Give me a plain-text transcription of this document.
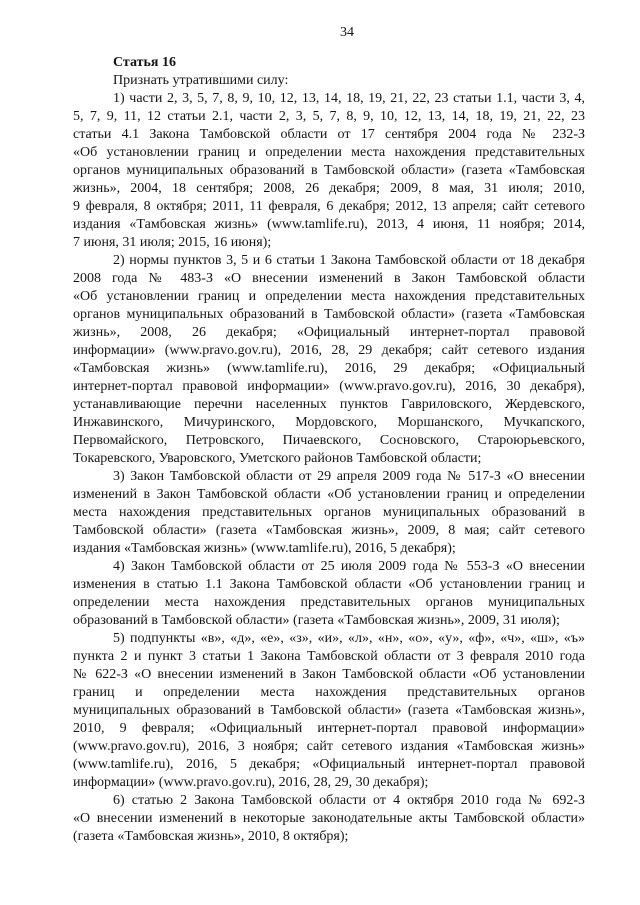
34
Статья 16
Признать утратившими силу:
1) части 2, 3, 5, 7, 8, 9, 10, 12, 13, 14, 18, 19, 21, 22, 23 статьи 1.1, части 3, 4,
5, 7, 9, 11, 12 статьи 2.1, части 2, 3, 5, 7, 8, 9, 10, 12, 13, 14, 18, 19, 21, 22, 23
статьи 4.1 Закона Тамбовской области от 17 сентября 2004 года № 232-З
«Об установлении границ и определении места нахождения представительных
органов муниципальных образований в Тамбовской области» (газета «Тамбовская
жизнь», 2004, 18 сентября; 2008, 26 декабря; 2009, 8 мая, 31 июля; 2010,
9 февраля, 8 октября; 2011, 11 февраля, 6 декабря; 2012, 13 апреля; сайт сетевого
издания «Тамбовская жизнь» (www.tamlife.ru), 2013, 4 июня, 11 ноября; 2014,
7 июня, 31 июля; 2015, 16 июня);
2) нормы пунктов 3, 5 и 6 статьи 1 Закона Тамбовской области от 18 декабря
2008 года № 483-З «О внесении изменений в Закон Тамбовской области
«Об установлении границ и определении места нахождения представительных
органов муниципальных образований в Тамбовской области» (газета «Тамбовская
жизнь», 2008, 26 декабря; «Официальный интернет-портал правовой
информации» (www.pravo.gov.ru), 2016, 28, 29 декабря; сайт сетевого издания
«Тамбовская жизнь» (www.tamlife.ru), 2016, 29 декабря; «Официальный
интернет-портал правовой информации» (www.pravo.gov.ru), 2016, 30 декабря),
устанавливающие перечни населенных пунктов Гавриловского, Жердевского,
Инжавинского, Мичуринского, Мордовского, Моршанского, Мучкапского,
Первомайского, Петровского, Пичаевского, Сосновского, Староюрьевского,
Токаревского, Уваровского, Уметского районов Тамбовской области;
3) Закон Тамбовской области от 29 апреля 2009 года № 517-З «О внесении
изменений в Закон Тамбовской области «Об установлении границ и определении
места нахождения представительных органов муниципальных образований в
Тамбовской области» (газета «Тамбовская жизнь», 2009, 8 мая; сайт сетевого
издания «Тамбовская жизнь» (www.tamlife.ru), 2016, 5 декабря);
4) Закон Тамбовской области от 25 июля 2009 года № 553-З «О внесении
изменения в статью 1.1 Закона Тамбовской области «Об установлении границ и
определении места нахождения представительных органов муниципальных
образований в Тамбовской области» (газета «Тамбовская жизнь», 2009, 31 июля);
5) подпункты «в», «д», «е», «з», «и», «л», «н», «о», «у», «ф», «ч», «ш», «ъ»
пункта 2 и пункт 3 статьи 1 Закона Тамбовской области от 3 февраля 2010 года
№ 622-З «О внесении изменений в Закон Тамбовской области «Об установлении
границ и определении места нахождения представительных органов
муниципальных образований в Тамбовской области» (газета «Тамбовская жизнь»,
2010, 9 февраля; «Официальный интернет-портал правовой информации»
(www.pravo.gov.ru), 2016, 3 ноября; сайт сетевого издания «Тамбовская жизнь»
(www.tamlife.ru), 2016, 5 декабря; «Официальный интернет-портал правовой
информации» (www.pravo.gov.ru), 2016, 28, 29, 30 декабря);
6) статью 2 Закона Тамбовской области от 4 октября 2010 года № 692-З
«О внесении изменений в некоторые законодательные акты Тамбовской области»
(газета «Тамбовская жизнь», 2010, 8 октября);
